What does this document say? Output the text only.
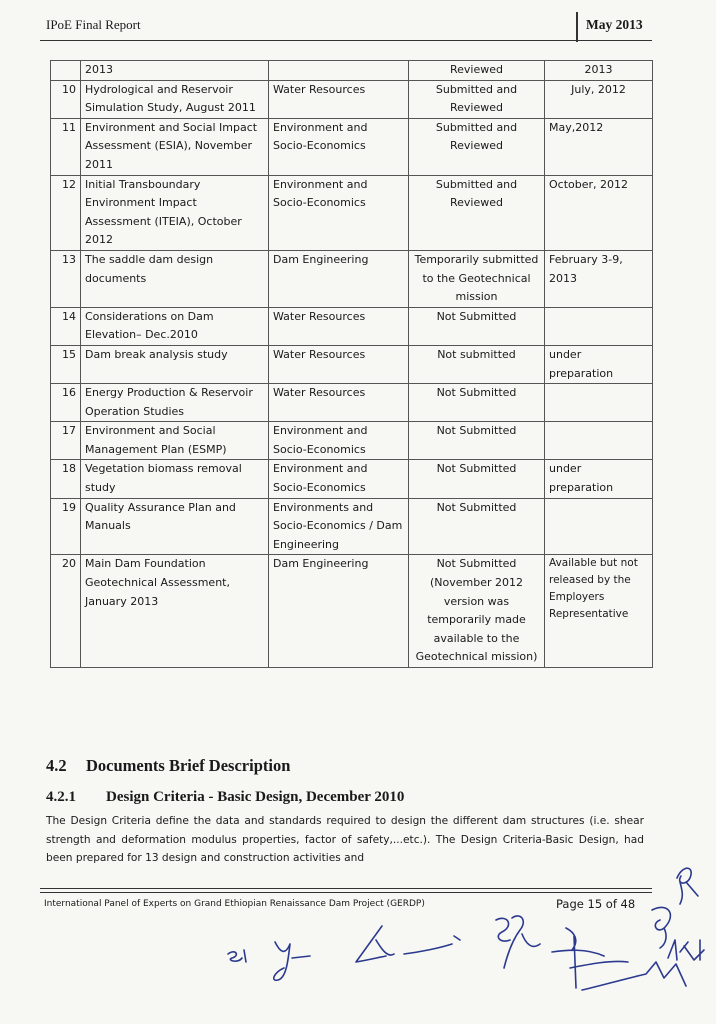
IPoE Final Report	May 2013
	2013		Reviewed	2013
10	Hydrological and Reservoir Simulation Study, August 2011	Water Resources	Submitted and Reviewed	July, 2012
11	Environment and Social Impact Assessment (ESIA), November 2011	Environment and Socio-Economics	Submitted and Reviewed	May,2012
12	Initial Transboundary Environment Impact Assessment (ITEIA), October 2012	Environment and Socio-Economics	Submitted and Reviewed	October, 2012
13	The saddle dam design documents	Dam Engineering	Temporarily submitted to the Geotechnical mission	February 3-9, 2013
14	Considerations on Dam Elevation– Dec.2010	Water Resources	Not Submitted	
15	Dam break analysis study	Water Resources	Not submitted	under preparation
16	Energy Production & Reservoir Operation Studies	Water Resources	Not Submitted	
17	Environment and Social Management Plan (ESMP)	Environment and Socio-Economics	Not Submitted	
18	Vegetation biomass removal study	Environment and Socio-Economics	Not Submitted	under preparation
19	Quality Assurance Plan and Manuals	Environments and Socio-Economics / Dam Engineering	Not Submitted	
20	Main Dam Foundation Geotechnical Assessment, January 2013	Dam Engineering	Not Submitted (November 2012 version was temporarily made available to the Geotechnical mission)	Available but not released by the Employers Representative
4.2 Documents Brief Description
4.2.1 Design Criteria - Basic Design, December 2010
The Design Criteria define the data and standards required to design the different dam structures (i.e. shear strength and deformation modulus properties, factor of safety,...etc.). The Design Criteria-Basic Design, had been prepared for 13 design and construction activities and
International Panel of Experts on Grand Ethiopian Renaissance Dam Project (GERDP)	Page 15 of 48
